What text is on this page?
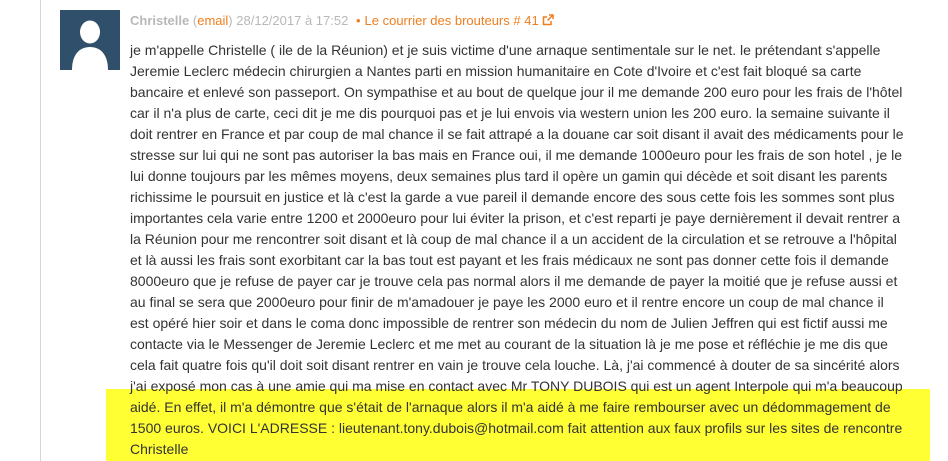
Christelle (email) 28/12/2017 à 17:52 • Le courrier des brouteurs # 41
je m'appelle Christelle ( ile de la Réunion) et je suis victime d'une arnaque sentimentale sur le net. le prétendant s'appelle
Jeremie Leclerc médecin chirurgien a Nantes parti en mission humanitaire en Cote d'Ivoire et c'est fait bloqué sa carte
bancaire et enlevé son passeport. On sympathise et au bout de quelque jour il me demande 200 euro pour les frais de l'hôtel
car il n'a plus de carte, ceci dit je me dis pourquoi pas et je lui envois via western union les 200 euro. la semaine suivante il
doit rentrer en France et par coup de mal chance il se fait attrapé a la douane car soit disant il avait des médicaments pour le
stresse sur lui qui ne sont pas autoriser la bas mais en France oui, il me demande 1000euro pour les frais de son hotel , je le
lui donne toujours par les mêmes moyens, deux semaines plus tard il opère un gamin qui décède et soit disant les parents
richissime le poursuit en justice et là c'est la garde a vue pareil il demande encore des sous cette fois les sommes sont plus
importantes cela varie entre 1200 et 2000euro pour lui éviter la prison, et c'est reparti je paye dernièrement il devait rentrer a
la Réunion pour me rencontrer soit disant et là coup de mal chance il a un accident de la circulation et se retrouve a l'hôpital
et là aussi les frais sont exorbitant car la bas tout est payant et les frais médicaux ne sont pas donner cette fois il demande
8000euro que je refuse de payer car je trouve cela pas normal alors il me demande de payer la moitié que je refuse aussi et
au final se sera que 2000euro pour finir de m'amadouer je paye les 2000 euro et il rentre encore un coup de mal chance il
est opéré hier soir et dans le coma donc impossible de rentrer son médecin du nom de Julien Jeffren qui est fictif aussi me
contacte via le Messenger de Jeremie Leclerc et me met au courant de la situation là je me pose et réfléchie je me dis que
cela fait quatre fois qu'il doit soit disant rentrer en vain je trouve cela louche. Là, j'ai commencé à douter de sa sincérité alors
j'ai exposé mon cas à une amie qui ma mise en contact avec Mr TONY DUBOIS qui est un agent Interpole qui m'a beaucoup
aidé. En effet, il m'a démontre que s'était de l'arnaque alors il m'a aidé à me faire rembourser avec un dédommagement de
1500 euros. VOICI L'ADRESSE : lieutenant.tony.dubois@hotmail.com fait attention aux faux profils sur les sites de rencontre
Christelle
